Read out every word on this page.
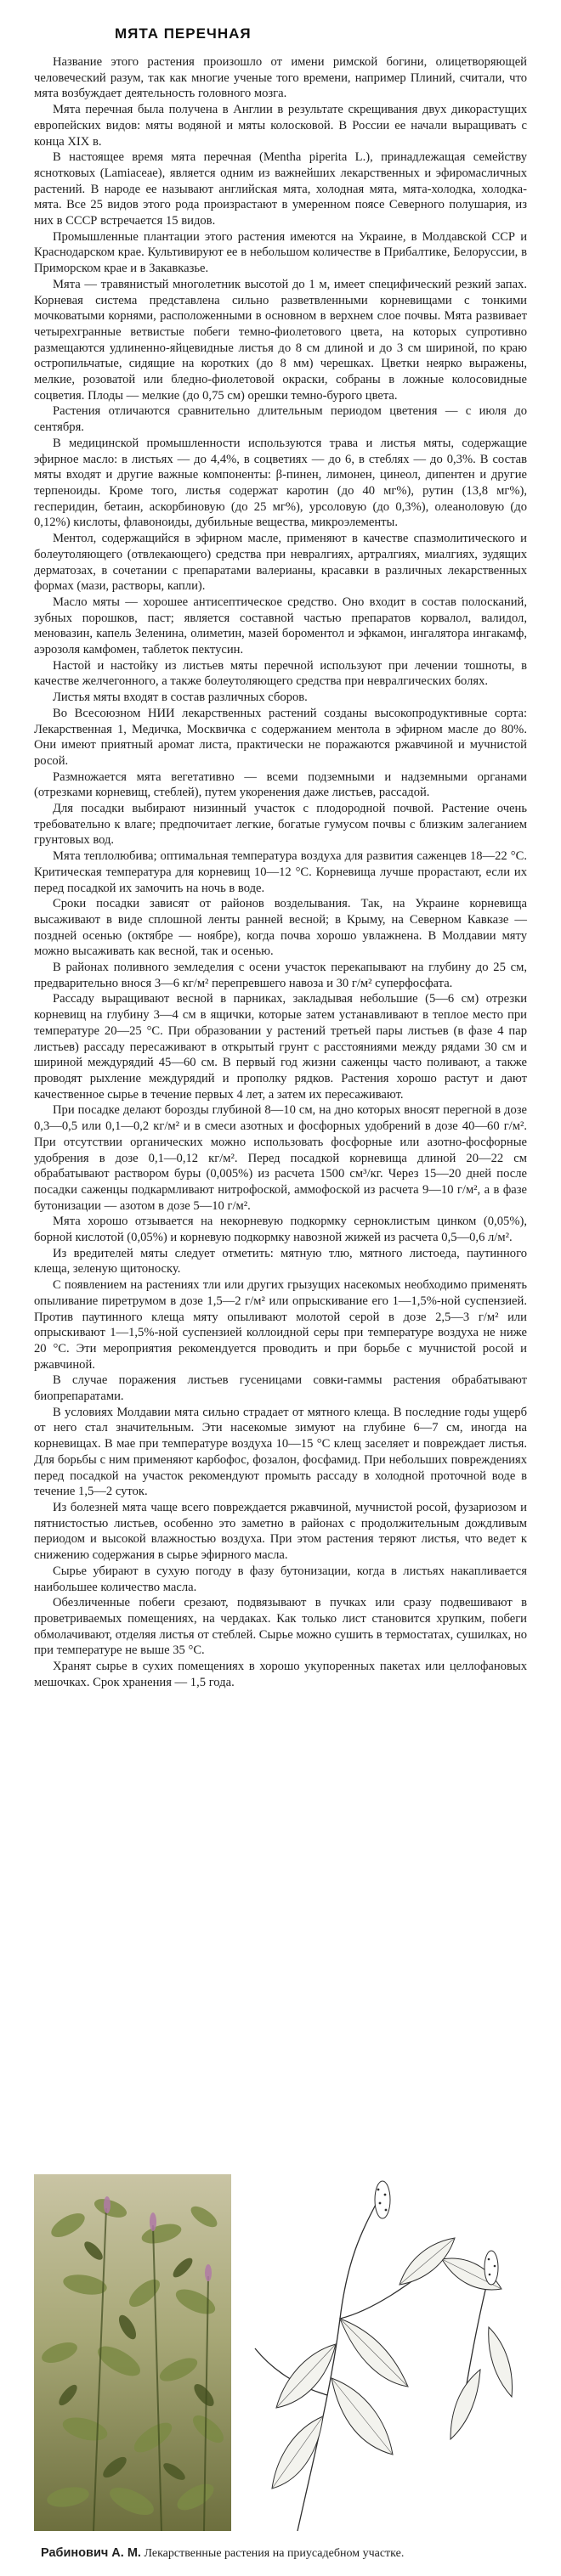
МЯТА ПЕРЕЧНАЯ

Название этого растения произошло от имени римской богини, олицетворяющей человеческий разум, так как многие ученые того времени, например Плиний, считали, что мята возбуждает деятельность головного мозга.

Мята перечная была получена в Англии в результате скрещивания двух дикорастущих европейских видов: мяты водяной и мяты колосковой. В России ее начали выращивать с конца XIX в.

В настоящее время мята перечная (Mentha piperita L.), принадлежащая семейству яснотковых (Lamiaceae), является одним из важнейших лекарственных и эфиромасличных растений. В народе ее называют английская мята, холодная мята, мята-холодка, холодка-мята. Все 25 видов этого рода произрастают в умеренном поясе Северного полушария, из них в СССР встречается 15 видов.

Промышленные плантации этого растения имеются на Украине, в Молдавской ССР и Краснодарском крае. Культивируют ее в небольшом количестве в Прибалтике, Белоруссии, в Приморском крае и в Закавказье.

Мята — травянистый многолетник высотой до 1 м, имеет специфический резкий запах. Корневая система представлена сильно разветвленными корневищами с тонкими мочковатыми корнями, расположенными в основном в верхнем слое почвы. Мята развивает четырехгранные ветвистые побеги темно-фиолетового цвета, на которых супротивно размещаются удлиненно-яйцевидные листья до 8 см длиной и до 3 см шириной, по краю остропильчатые, сидящие на коротких (до 8 мм) черешках. Цветки неярко выражены, мелкие, розоватой или бледно-фиолетовой окраски, собраны в ложные колосовидные соцветия. Плоды — мелкие (до 0,75 см) орешки темно-бурого цвета.

Растения отличаются сравнительно длительным периодом цветения — с июля до сентября.

В медицинской промышленности используются трава и листья мяты, содержащие эфирное масло: в листьях — до 4,4%, в соцветиях — до 6, в стеблях — до 0,3%. В состав мяты входят и другие важные компоненты: β-пинен, лимонен, цинеол, дипентен и другие терпеноиды. Кроме того, листья содержат каротин (до 40 мг%), рутин (13,8 мг%), гесперидин, бетаин, аскорбиновую (до 25 мг%), урсоловую (до 0,3%), олеаноловую (до 0,12%) кислоты, флавоноиды, дубильные вещества, микроэлементы.

Ментол, содержащийся в эфирном масле, применяют в качестве спазмолитического и болеутоляющего (отвлекающего) средства при невралгиях, артралгиях, миалгиях, зудящих дерматозах, в сочетании с препаратами валерианы, красавки в различных лекарственных формах (мази, растворы, капли).

Масло мяты — хорошее антисептическое средство. Оно входит в состав полосканий, зубных порошков, паст; является составной частью препаратов корвалол, валидол, меновазин, капель Зеленина, олиметин, мазей бороментол и эфкамон, ингалятора ингакамф, аэрозоля камфомен, таблеток пектусин.

Настой и настойку из листьев мяты перечной используют при лечении тошноты, в качестве желчегонного, а также болеутоляющего средства при невралгических болях.

Листья мяты входят в состав различных сборов.

Во Всесоюзном НИИ лекарственных растений созданы высокопродуктивные сорта: Лекарственная 1, Медичка, Москвичка с содержанием ментола в эфирном масле до 80%. Они имеют приятный аромат листа, практически не поражаются ржавчиной и мучнистой росой.

Размножается мята вегетативно — всеми подземными и надземными органами (отрезками корневищ, стеблей), путем укоренения даже листьев, рассадой.

Для посадки выбирают низинный участок с плодородной почвой. Растение очень требовательно к влаге; предпочитает легкие, богатые гумусом почвы с близким залеганием грунтовых вод.

Мята теплолюбива; оптимальная температура воздуха для развития саженцев 18—22 °С. Критическая температура для корневищ 10—12 °С. Корневища лучше прорастают, если их перед посадкой их замочить на ночь в воде.

Сроки посадки зависят от районов возделывания. Так, на Украине корневища высаживают в виде сплошной ленты ранней весной; в Крыму, на Северном Кавказе — поздней осенью (октябре — ноябре), когда почва хорошо увлажнена. В Молдавии мяту можно высаживать как весной, так и осенью.

В районах поливного земледелия с осени участок перекапывают на глубину до 25 см, предварительно внося 3—6 кг/м² перепревшего навоза и 30 г/м² суперфосфата.

Рассаду выращивают весной в парниках, закладывая небольшие (5—6 см) отрезки корневищ на глубину 3—4 см в ящички, которые затем устанавливают в теплое место при температуре 20—25 °С. При образовании у растений третьей пары листьев (в фазе 4 пар листьев) рассаду пересаживают в открытый грунт с расстояниями между рядами 30 см и шириной междурядий 45—60 см. В первый год жизни саженцы часто поливают, а также проводят рыхление междурядий и прополку рядков. Растения хорошо растут и дают качественное сырье в течение первых 4 лет, а затем их пересаживают.

При посадке делают борозды глубиной 8—10 см, на дно которых вносят перегной в дозе 0,3—0,5 или 0,1—0,2 кг/м² и в смеси азотных и фосфорных удобрений в дозе 40—60 г/м². При отсутствии органических можно использовать фосфорные или азотно-фосфорные удобрения в дозе 0,1—0,12 кг/м². Перед посадкой корневища длиной 20—22 см обрабатывают раствором буры (0,005%) из расчета 1500 см³/кг. Через 15—20 дней после посадки саженцы подкармливают нитрофоской, аммофоской из расчета 9—10 г/м², а в фазе бутонизации — азотом в дозе 5—10 г/м².

Мята хорошо отзывается на некорневую подкормку серноклистым цинком (0,05%), борной кислотой (0,05%) и корневую подкормку навозной жижей из расчета 0,5—0,6 л/м².

Из вредителей мяты следует отметить: мятную тлю, мятного листоеда, паутинного клеща, зеленую щитоноску.

С появлением на растениях тли или других грызущих насекомых необходимо применять опыливание пиретрумом в дозе 1,5—2 г/м² или опрыскивание его 1—1,5%-ной суспензией. Против паутинного клеща мяту опыливают молотой серой в дозе 2,5—3 г/м² или опрыскивают 1—1,5%-ной суспензией коллоидной серы при температуре воздуха не ниже 20 °С. Эти мероприятия рекомендуется проводить и при борьбе с мучнистой росой и ржавчиной.

В случае поражения листьев гусеницами совки-гаммы растения обрабатывают биопрепаратами.

В условиях Молдавии мята сильно страдает от мятного клеща. В последние годы ущерб от него стал значительным. Эти насекомые зимуют на глубине 6—7 см, иногда на корневищах. В мае при температуре воздуха 10—15 °С клещ заселяет и повреждает листья. Для борьбы с ним применяют карбофос, фозалон, фосфамид. При небольших повреждениях перед посадкой на участок рекомендуют промыть рассаду в холодной проточной воде в течение 1,5—2 суток.

Из болезней мята чаще всего повреждается ржавчиной, мучнистой росой, фузариозом и пятнистостью листьев, особенно это заметно в районах с продолжительным дождливым периодом и высокой влажностью воздуха. При этом растения теряют листья, что ведет к снижению содержания в сырье эфирного масла.

Сырье убирают в сухую погоду в фазу бутонизации, когда в листьях накапливается наибольшее количество масла.

Обезличенные побеги срезают, подвязывают в пучках или сразу подвешивают в проветриваемых помещениях, на чердаках. Как только лист становится хрупким, побеги обмолачивают, отделяя листья от стеблей. Сырье можно сушить в термостатах, сушилках, но при температуре не выше 35 °С.

Хранят сырье в сухих помещениях в хорошо укупоренных пакетах или целлофановых мешочках. Срок хранения — 1,5 года.

Рабинович А. М. Лекарственные растения на приусадебном участке.
